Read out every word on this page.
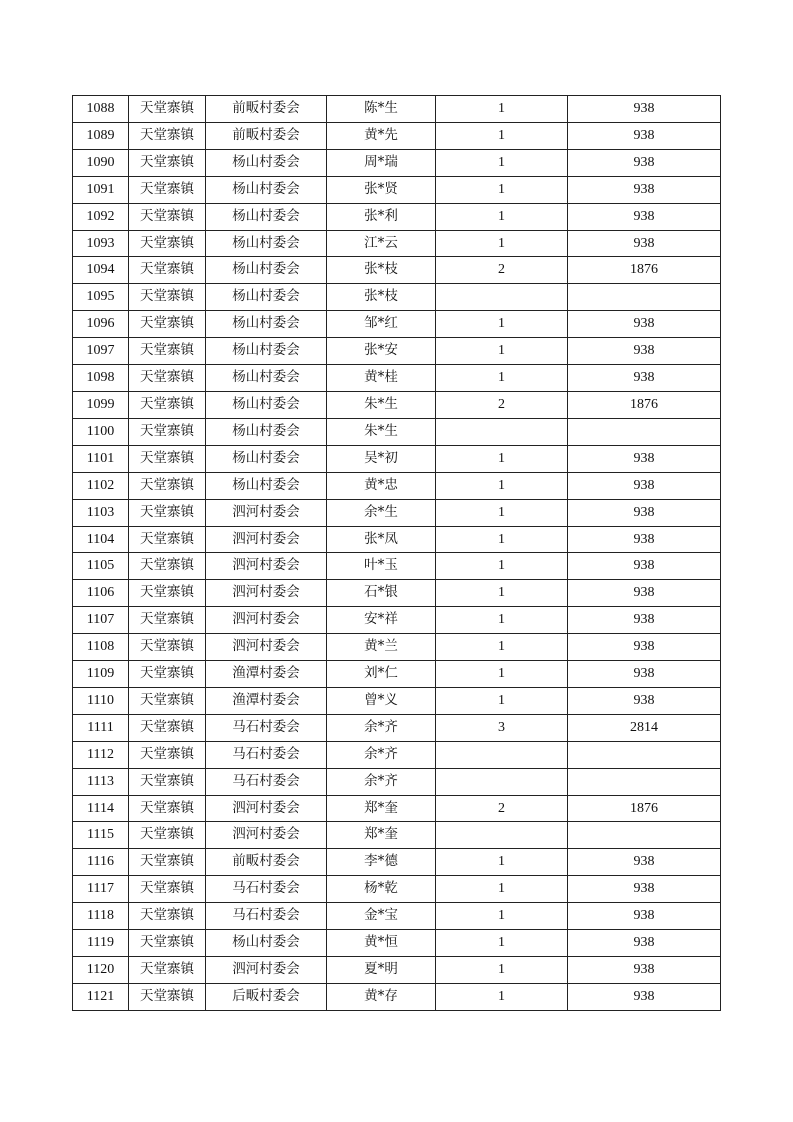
1088	天堂寨镇	前畈村委会	陈*生	1	938
1089	天堂寨镇	前畈村委会	黄*先	1	938
1090	天堂寨镇	杨山村委会	周*瑞	1	938
1091	天堂寨镇	杨山村委会	张*贤	1	938
1092	天堂寨镇	杨山村委会	张*利	1	938
1093	天堂寨镇	杨山村委会	江*云	1	938
1094	天堂寨镇	杨山村委会	张*枝	2	1876
1095	天堂寨镇	杨山村委会	张*枝		
1096	天堂寨镇	杨山村委会	邹*红	1	938
1097	天堂寨镇	杨山村委会	张*安	1	938
1098	天堂寨镇	杨山村委会	黄*桂	1	938
1099	天堂寨镇	杨山村委会	朱*生	2	1876
1100	天堂寨镇	杨山村委会	朱*生		
1101	天堂寨镇	杨山村委会	吴*初	1	938
1102	天堂寨镇	杨山村委会	黄*忠	1	938
1103	天堂寨镇	泗河村委会	余*生	1	938
1104	天堂寨镇	泗河村委会	张*凤	1	938
1105	天堂寨镇	泗河村委会	叶*玉	1	938
1106	天堂寨镇	泗河村委会	石*银	1	938
1107	天堂寨镇	泗河村委会	安*祥	1	938
1108	天堂寨镇	泗河村委会	黄*兰	1	938
1109	天堂寨镇	渔潭村委会	刘*仁	1	938
1110	天堂寨镇	渔潭村委会	曾*义	1	938
1111	天堂寨镇	马石村委会	余*齐	3	2814
1112	天堂寨镇	马石村委会	余*齐		
1113	天堂寨镇	马石村委会	余*齐		
1114	天堂寨镇	泗河村委会	郑*奎	2	1876
1115	天堂寨镇	泗河村委会	郑*奎		
1116	天堂寨镇	前畈村委会	李*德	1	938
1117	天堂寨镇	马石村委会	杨*乾	1	938
1118	天堂寨镇	马石村委会	金*宝	1	938
1119	天堂寨镇	杨山村委会	黄*恒	1	938
1120	天堂寨镇	泗河村委会	夏*明	1	938
1121	天堂寨镇	后畈村委会	黄*存	1	938
